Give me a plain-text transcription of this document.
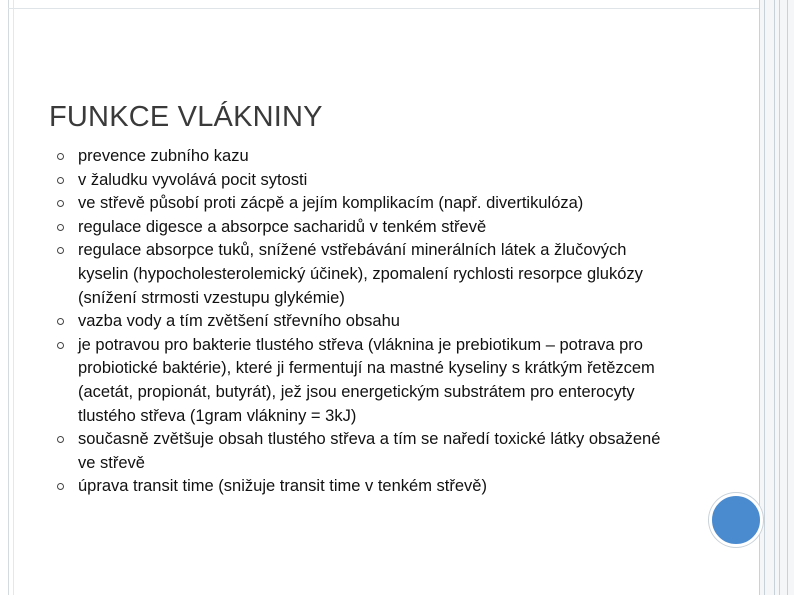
FUNKCE VLÁKNINY
prevence zubního kazu
v žaludku vyvolává pocit sytosti
ve střevě působí proti zácpě a jejím komplikacím (např. divertikulóza)
regulace digesce a absorpce sacharidů v tenkém střevě
regulace absorpce tuků, snížené vstřebávání minerálních látek a žlučových kyselin (hypocholesterolemický účinek), zpomalení rychlosti resorpce glukózy (snížení strmosti vzestupu glykémie)
vazba vody a tím zvětšení střevního obsahu
je potravou pro bakterie tlustého střeva (vláknina je prebiotikum – potrava pro probiotické baktérie), které ji fermentují na mastné kyseliny s krátkým řetězcem (acetát, propionát, butyrát), jež jsou energetickým substrátem pro enterocyty tlustého střeva (1gram vlákniny = 3kJ)
současně zvětšuje obsah tlustého střeva a tím se naředí toxické látky obsažené ve střevě
úprava transit time (snižuje transit time v tenkém střevě)
